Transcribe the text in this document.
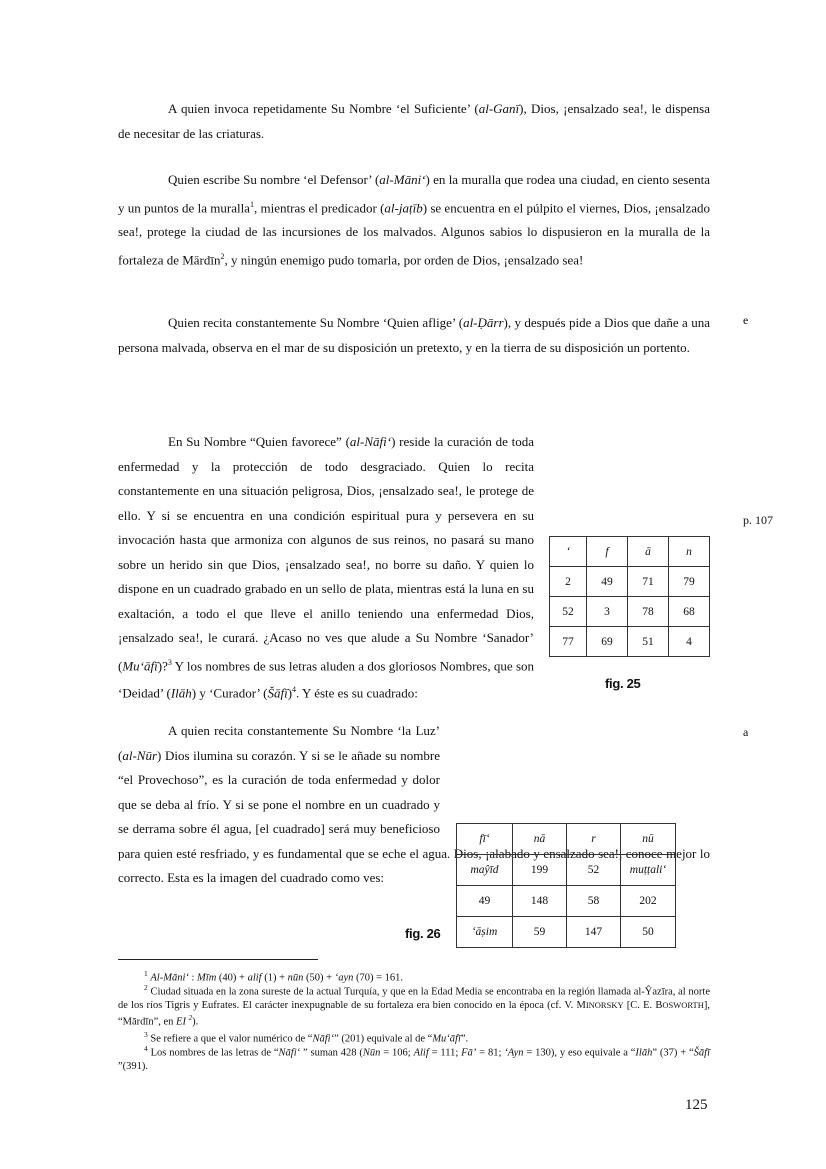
A quien invoca repetidamente Su Nombre ‘el Suficiente’ (al-Ganī), Dios, ¡ensalzado sea!, le dispensa de necesitar de las criaturas.

Quien escribe Su nombre ‘el Defensor’ (al-Māni‘) en la muralla que rodea una ciudad, en ciento sesenta y un puntos de la muralla$^1$, mientras el predicador (al-jaṭīb) se encuentra en el púlpito el viernes, Dios, ¡ensalzado sea!, protege la ciudad de las incursiones de los malvados. Algunos sabios lo dispusieron en la muralla de la fortaleza de Mārdīn$^2$, y ningún enemigo pudo tomarla, por orden de Dios, ¡ensalzado sea!

Quien recita constantemente Su Nombre ‘Quien aflige’ (al-Ḍārr), y después pide a Dios que dañe a una persona malvada, observa en el mar de su disposición un pretexto, y en la tierra de su disposición un portento.

En Su Nombre “Quien favorece” (al-Nāfi‘) reside la curación de toda enfermedad y la protección de todo desgraciado. Quien lo recita constantemente en una situación peligrosa, Dios, ¡ensalzado sea!, le protege de ello. Y si se encuentra en una condición espiritual pura y persevera en su invocación hasta que armoniza con algunos de sus reinos, no pasará su mano sobre un herido sin que Dios, ¡ensalzado sea!, no borre su daño. Y quien lo dispone en un cuadrado grabado en un sello de plata, mientras está la luna en su exaltación, a todo el que lleve el anillo teniendo una enfermedad Dios, ¡ensalzado sea!, le curará. ¿Acaso no ves que alude a Su Nombre ‘Sanador’ (Mu‘āfī)?$^3$ Y los nombres de sus letras aluden a dos gloriosos Nombres, que son ‘Deidad’ (Ilāh) y ‘Curador’ (Šāfī)$^4$. Y éste es su cuadrado:

‘	f	ā	n
2	49	71	79
52	3	78	68
77	69	51	4
fig. 25

A quien recita constantemente Su Nombre ‘la Luz’ (al-Nūr) Dios ilumina su corazón. Y si se le añade su nombre “el Provechoso”, es la curación de toda enfermedad y dolor que se deba al frío. Y si se pone el nombre en un cuadrado y se derrama sobre él agua, [el cuadrado] será muy beneficioso para quien esté resfriado, y es fundamental que se eche el agua. Dios, ¡alabado y ensalzado sea!, conoce mejor lo correcto. Esta es la imagen del cuadrado como ves:

fī‘	nā	r	nū
maŷīd	199	52	muṭṭali‘
49	148	58	202
‘āṣim	59	147	50
fig. 26
e
p. 107
a

$^1$ Al-Māni‘ : Mīm (40) + alif (1) + nūn (50) + ‘ayn (70) = 161.

$^2$ Ciudad situada en la zona sureste de la actual Turquía, y que en la Edad Media se encontraba en la región llamada al-Ŷazīra, al norte de los ríos Tigris y Eufrates. El carácter inexpugnable de su fortaleza era bien conocido en la época (cf. V. MINORSKY [C. E. BOSWORTH], “Mārdīn”, en EI $^2$).

$^3$ Se refiere a que el valor numérico de “Nāfi‘” (201) equivale al de “Mu‘āfī”.

$^4$ Los nombres de las letras de “Nāfi‘ ” suman 428 (Nūn = 106; Alif = 111; Fā’ = 81; ‘Ayn = 130), y eso equivale a “Ilāh” (37) + “Šāfī ”(391).

125
